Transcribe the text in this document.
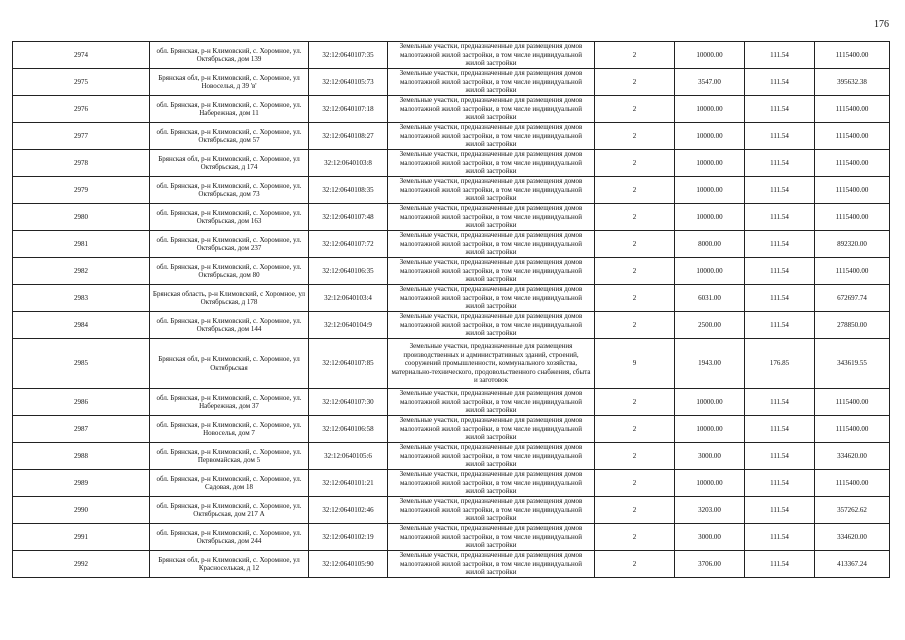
176
2974	обл. Брянская, р-н Климовский, с. Хоромное, ул. Октябрьская, дом 139	32:12:0640107:35	Земельные участки, предназначенные для размещения домов малоэтажной жилой застройки, в том числе индивидуальной жилой застройки	2	10000.00	111.54	1115400.00
2975	Брянская обл, р-н Климовский, с. Хоромное, ул Новоселья, д 39 'в'	32:12:0640105:73	Земельные участки, предназначенные для размещения домов малоэтажной жилой застройки, в том числе индивидуальной жилой застройки	2	3547.00	111.54	395632.38
2976	обл. Брянская, р-н Климовский, с. Хоромное, ул. Набережная, дом 11	32:12:0640107:18	Земельные участки, предназначенные для размещения домов малоэтажной жилой застройки, в том числе индивидуальной жилой застройки	2	10000.00	111.54	1115400.00
2977	обл. Брянская, р-н Климовский, с. Хоромное, ул. Октябрьская, дом 57	32:12:0640108:27	Земельные участки, предназначенные для размещения домов малоэтажной жилой застройки, в том числе индивидуальной жилой застройки	2	10000.00	111.54	1115400.00
2978	Брянская обл, р-н Климовский, с. Хоромное, ул Октябрьская, д 174	32:12:0640103:8	Земельные участки, предназначенные для размещения домов малоэтажной жилой застройки, в том числе индивидуальной жилой застройки	2	10000.00	111.54	1115400.00
2979	обл. Брянская, р-н Климовский, с. Хоромное, ул. Октябрьская, дом 73	32:12:0640108:35	Земельные участки, предназначенные для размещения домов малоэтажной жилой застройки, в том числе индивидуальной жилой застройки	2	10000.00	111.54	1115400.00
2980	обл. Брянская, р-н Климовский, с. Хоромное, ул. Октябрьская, дом 163	32:12:0640107:48	Земельные участки, предназначенные для размещения домов малоэтажной жилой застройки, в том числе индивидуальной жилой застройки	2	10000.00	111.54	1115400.00
2981	обл. Брянская, р-н Климовский, с. Хоромное, ул. Октябрьская, дом 237	32:12:0640107:72	Земельные участки, предназначенные для размещения домов малоэтажной жилой застройки, в том числе индивидуальной жилой застройки	2	8000.00	111.54	892320.00
2982	обл. Брянская, р-н Климовский, с. Хоромное, ул. Октябрьская, дом 80	32:12:0640106:35	Земельные участки, предназначенные для размещения домов малоэтажной жилой застройки, в том числе индивидуальной жилой застройки	2	10000.00	111.54	1115400.00
2983	Брянская область, р-н Климовский, с Хоромное, ул Октябрьская, д 178	32:12:0640103:4	Земельные участки, предназначенные для размещения домов малоэтажной жилой застройки, в том числе индивидуальной жилой застройки	2	6031.00	111.54	672697.74
2984	обл. Брянская, р-н Климовский, с. Хоромное, ул. Октябрьская, дом 144	32:12:0640104:9	Земельные участки, предназначенные для размещения домов малоэтажной жилой застройки, в том числе индивидуальной жилой застройки	2	2500.00	111.54	278850.00
2985	Брянская обл, р-н Климовский, с. Хоромное, ул Октябрьская	32:12:0640107:85	Земельные участки, предназначенные для размещения производственных и административных зданий, строений, сооружений промышленности, коммунального хозяйства, материально-технического, продовольственного снабжения, сбыта и заготовок	9	1943.00	176.85	343619.55
2986	обл. Брянская, р-н Климовский, с. Хоромное, ул. Набережная, дом 37	32:12:0640107:30	Земельные участки, предназначенные для размещения домов малоэтажной жилой застройки, в том числе индивидуальной жилой застройки	2	10000.00	111.54	1115400.00
2987	обл. Брянская, р-н Климовский, с. Хоромное, ул. Новоселья, дом 7	32:12:0640106:58	Земельные участки, предназначенные для размещения домов малоэтажной жилой застройки, в том числе индивидуальной жилой застройки	2	10000.00	111.54	1115400.00
2988	обл. Брянская, р-н Климовский, с. Хоромное, ул. Первомайская, дом 5	32:12:0640105:6	Земельные участки, предназначенные для размещения домов малоэтажной жилой застройки, в том числе индивидуальной жилой застройки	2	3000.00	111.54	334620.00
2989	обл. Брянская, р-н Климовский, с. Хоромное, ул. Садовая, дом 18	32:12:0640101:21	Земельные участки, предназначенные для размещения домов малоэтажной жилой застройки, в том числе индивидуальной жилой застройки	2	10000.00	111.54	1115400.00
2990	обл. Брянская, р-н Климовский, с. Хоромное, ул. Октябрьская, дом 217 А	32:12:0640102:46	Земельные участки, предназначенные для размещения домов малоэтажной жилой застройки, в том числе индивидуальной жилой застройки	2	3203.00	111.54	357262.62
2991	обл. Брянская, р-н Климовский, с. Хоромное, ул. Октябрьская, дом 244	32:12:0640102:19	Земельные участки, предназначенные для размещения домов малоэтажной жилой застройки, в том числе индивидуальной жилой застройки	2	3000.00	111.54	334620.00
2992	Брянская обл, р-н Климовский, с. Хоромное, ул Красноселькая, д 12	32:12:0640105:90	Земельные участки, предназначенные для размещения домов малоэтажной жилой застройки, в том числе индивидуальной жилой застройки	2	3706.00	111.54	413367.24
